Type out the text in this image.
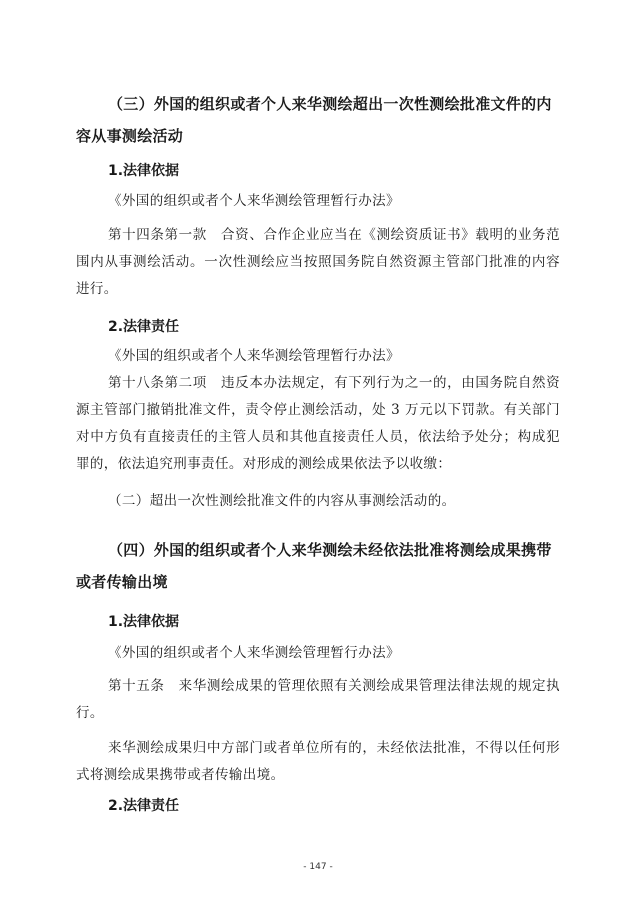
（三）外国的组织或者个人来华测绘超出一次性测绘批准文件的内容从事测绘活动

1.法律依据

《外国的组织或者个人来华测绘管理暂行办法》

第十四条第一款　合资、合作企业应当在《测绘资质证书》载明的业务范围内从事测绘活动。一次性测绘应当按照国务院自然资源主管部门批准的内容进行。

2.法律责任

《外国的组织或者个人来华测绘管理暂行办法》

第十八条第二项　违反本办法规定，有下列行为之一的，由国务院自然资源主管部门撤销批准文件，责令停止测绘活动，处 3 万元以下罚款。有关部门对中方负有直接责任的主管人员和其他直接责任人员，依法给予处分；构成犯罪的，依法追究刑事责任。对形成的测绘成果依法予以收缴：

（二）超出一次性测绘批准文件的内容从事测绘活动的。

（四）外国的组织或者个人来华测绘未经依法批准将测绘成果携带或者传输出境

1.法律依据

《外国的组织或者个人来华测绘管理暂行办法》

第十五条　来华测绘成果的管理依照有关测绘成果管理法律法规的规定执行。

来华测绘成果归中方部门或者单位所有的，未经依法批准，不得以任何形式将测绘成果携带或者传输出境。

2.法律责任

- 147 -
